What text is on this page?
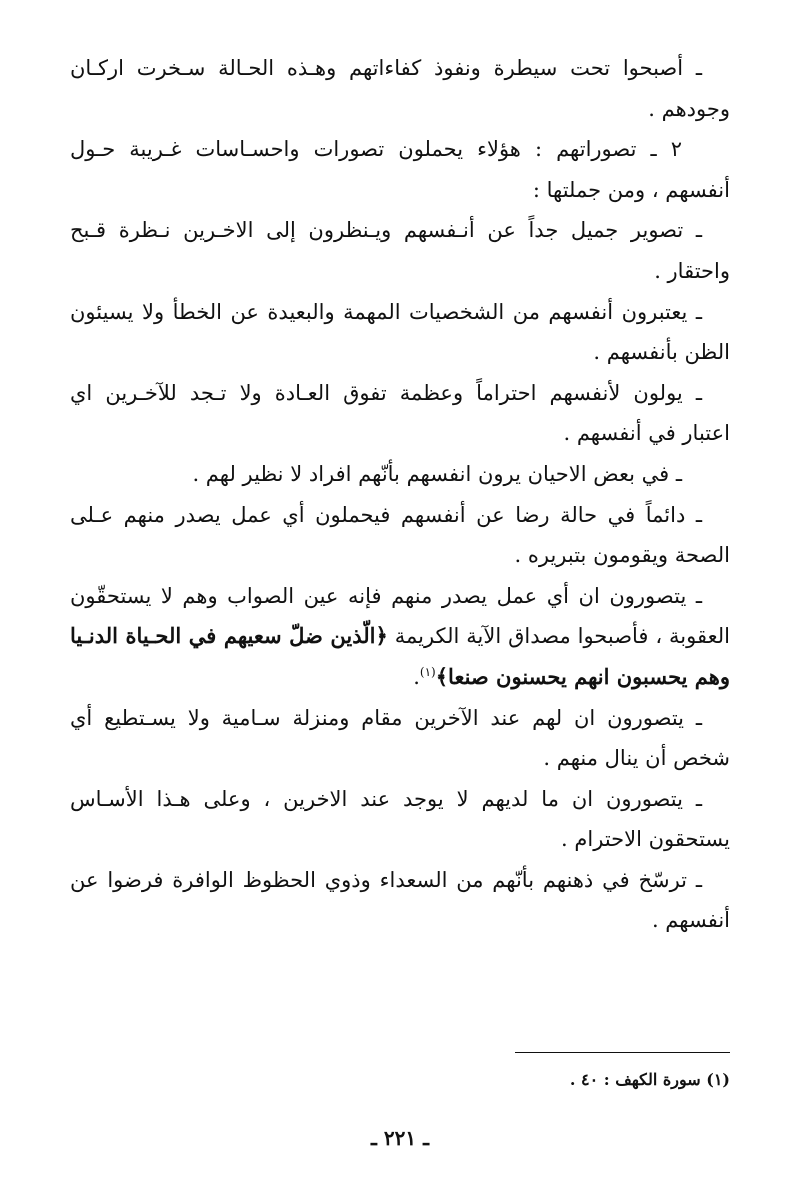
ـ أصبحوا تحت سيطرة ونفوذ كفاءاتهم وهـذه الحـالة سـخرت اركـان
وجودهم .
٢ ـ تصوراتهم : هؤلاء يحملون تصورات واحسـاسات غـريبة حـول
أنفسهم ، ومن جملتها :
ـ تصوير جميل جداً عن أنـفسهم ويـنظرون إلى الاخـرين نـظرة قـبح
واحتقار .
ـ يعتبرون أنفسهم من الشخصيات المهمة والبعيدة عن الخطأ ولا يسيئون
الظن بأنفسهم .
ـ يولون لأنفسهم احتراماً وعظمة تفوق العـادة ولا تـجد للآخـرين اي
اعتبار في أنفسهم .
ـ في بعض الاحيان يرون انفسهم بأنّهم افراد لا نظير لهم .
ـ دائماً في حالة رضا عن أنفسهم فيحملون أي عمل يصدر منهم عـلى
الصحة ويقومون بتبريره .
ـ يتصورون ان أي عمل يصدر منهم فإنه عين الصواب وهم لا يستحقّون
العقوبة ، فأصبحوا مصداق الآية الكريمة ﴿الّذين ضلّ سعيهم في الحـياة الدنـيا
وهم يحسبون انهم يحسنون صنعا﴾$^{(١)}$.
ـ يتصورون ان لهم عند الآخرين مقام ومنزلة سـامية ولا يسـتطيع أي
شخص أن ينال منهم .
ـ يتصورون ان ما لديهم لا يوجد عند الاخرين ، وعلى هـذا الأسـاس
يستحقون الاحترام .
ـ ترسّخ في ذهنهم بأنّهم من السعداء وذوي الحظوظ الوافرة فرضوا عن
أنفسهم .
(١) سورة الكهف : ٤٠ .
ـ ٢٢١ ـ
